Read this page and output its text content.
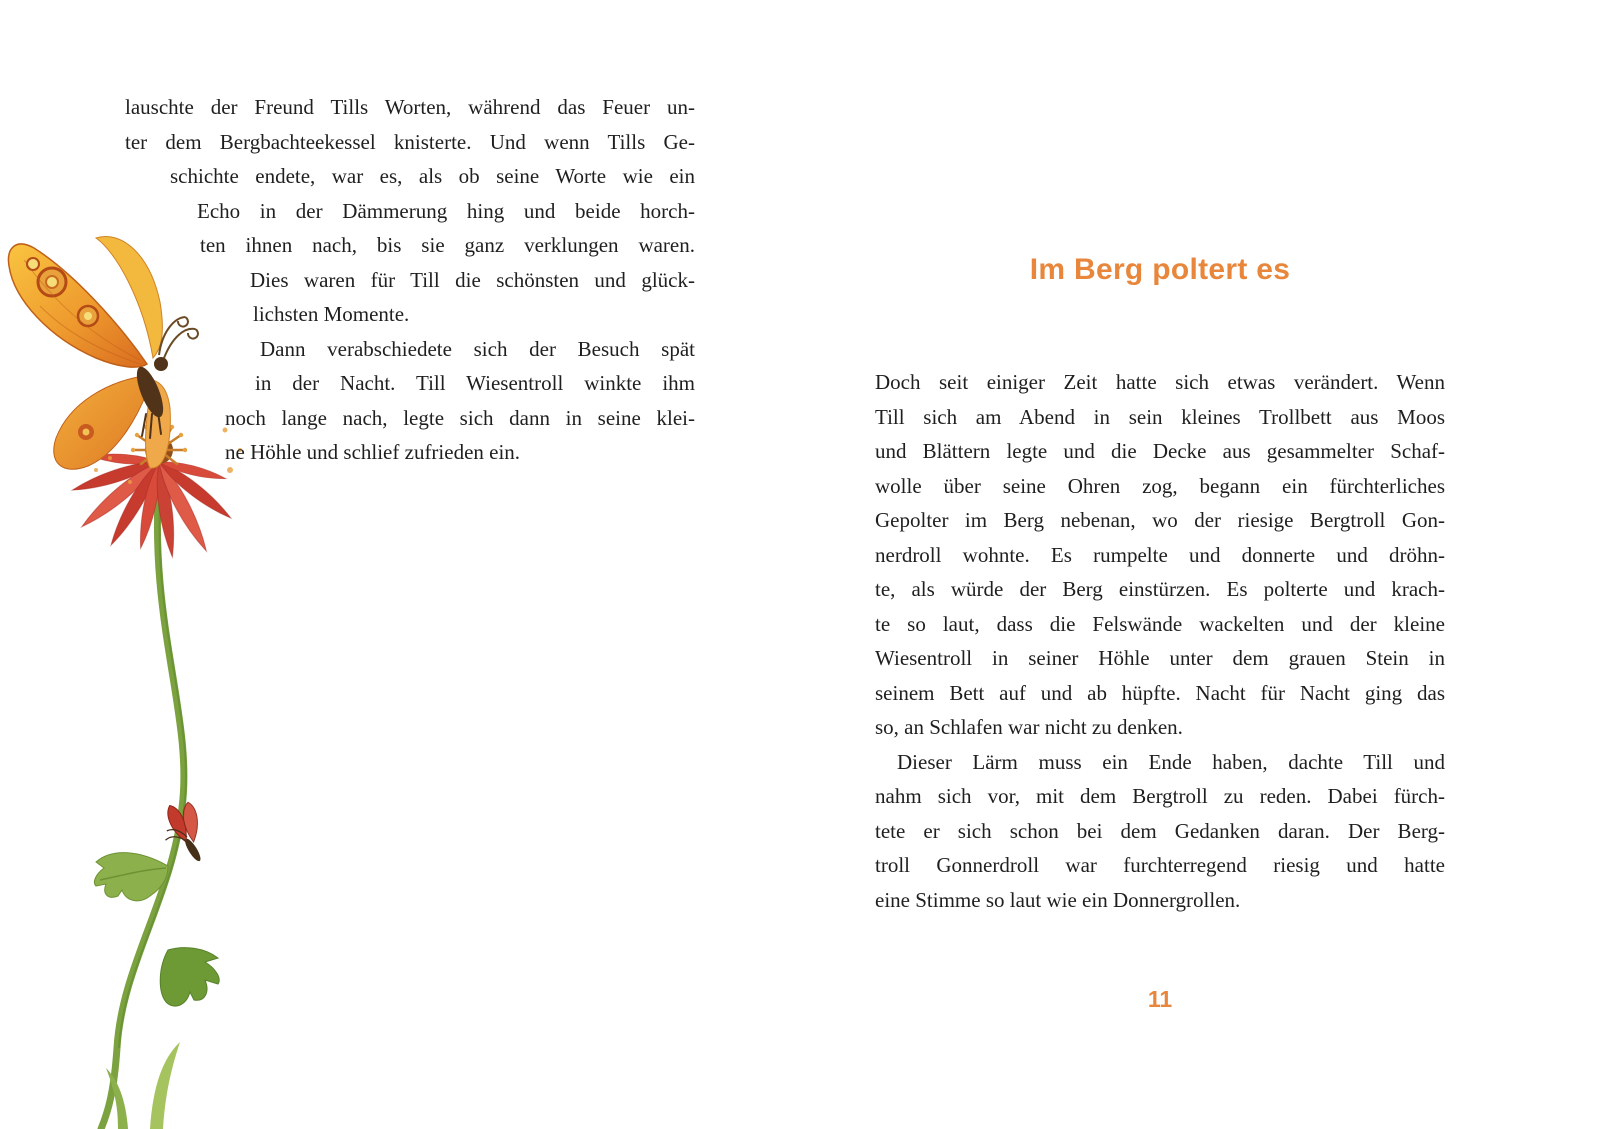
lauschte der Freund Tills Worten, während das Feuer un-
ter dem Bergbachteekessel knisterte. Und wenn Tills Ge-
schichte endete, war es, als ob seine Worte wie ein
Echo in der Dämmerung hing und beide horch-
ten ihnen nach, bis sie ganz verklungen waren.
Dies waren für Till die schönsten und glück-
lichsten Momente.
Dann verabschiedete sich der Besuch spät
in der Nacht. Till Wiesentroll winkte ihm
noch lange nach, legte sich dann in seine klei-
ne Höhle und schlief zufrieden ein.
Im Berg poltert es
Doch seit einiger Zeit hatte sich etwas verändert. Wenn
Till sich am Abend in sein kleines Trollbett aus Moos
und Blättern legte und die Decke aus gesammelter Schaf-
wolle über seine Ohren zog, begann ein fürchterliches
Gepolter im Berg nebenan, wo der riesige Bergtroll Gon-
nerdroll wohnte. Es rumpelte und donnerte und dröhn-
te, als würde der Berg einstürzen. Es polterte und krach-
te so laut, dass die Felswände wackelten und der kleine
Wiesentroll in seiner Höhle unter dem grauen Stein in
seinem Bett auf und ab hüpfte. Nacht für Nacht ging das
so, an Schlafen war nicht zu denken.
Dieser Lärm muss ein Ende haben, dachte Till und
nahm sich vor, mit dem Bergtroll zu reden. Dabei fürch-
tete er sich schon bei dem Gedanken daran. Der Berg-
troll Gonnerdroll war furchterregend riesig und hatte
eine Stimme so laut wie ein Donnergrollen.
11
